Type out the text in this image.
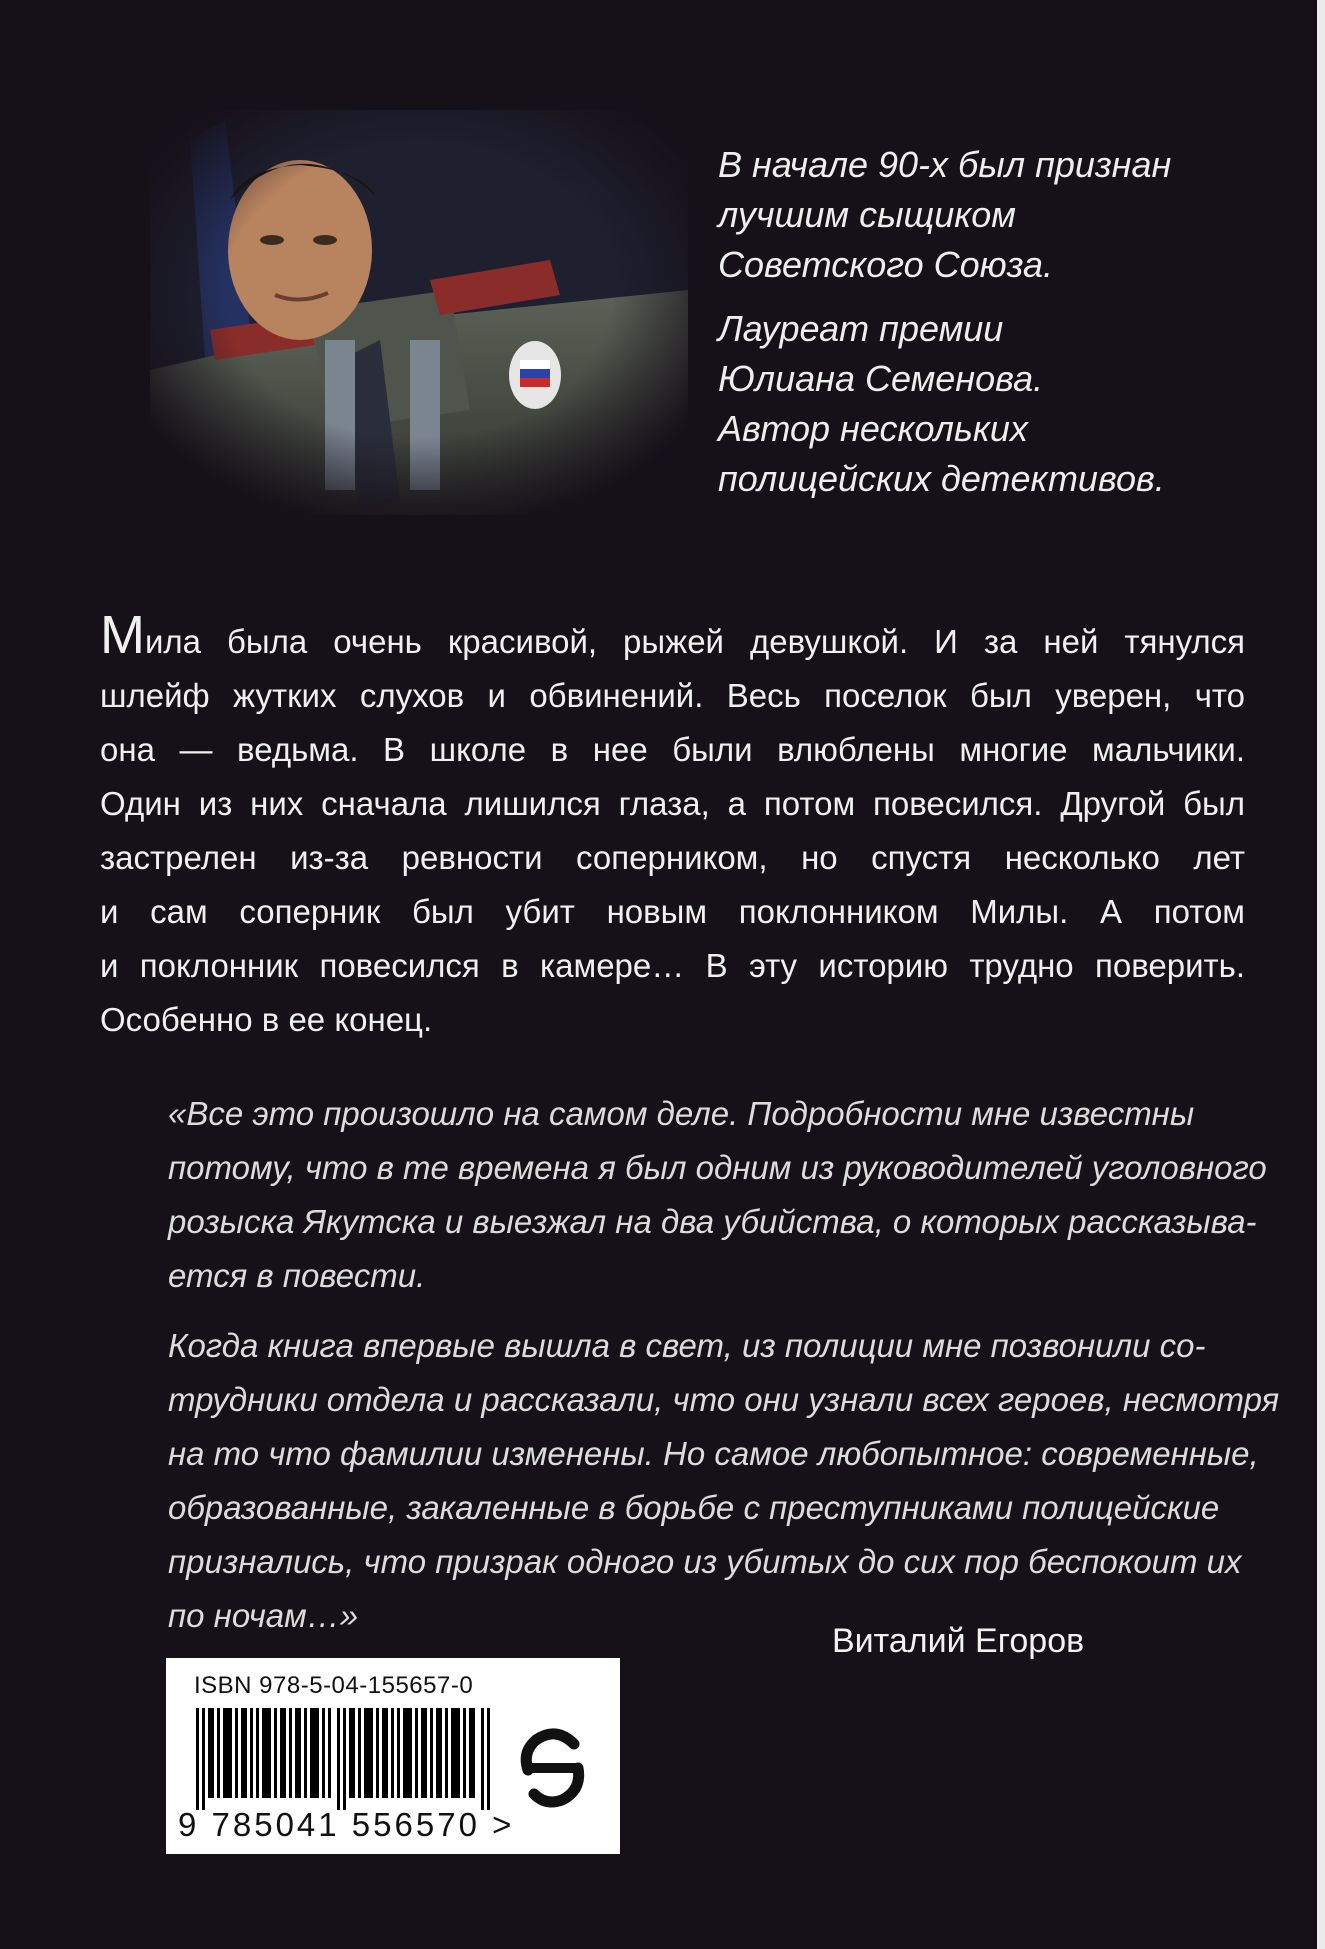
В начале 90-х был признан
лучшим сыщиком
Советского Союза.

Лауреат премии
Юлиана Семенова.
Автор нескольких
полицейских детективов.

Мила была очень красивой, рыжей девушкой. И за ней тянулся
шлейф жутких слухов и обвинений. Весь поселок был уверен, что
она — ведьма. В школе в нее были влюблены многие мальчики.
Один из них сначала лишился глаза, а потом повесился. Другой был
застрелен из-за ревности соперником, но спустя несколько лет
и сам соперник был убит новым поклонником Милы. А потом
и поклонник повесился в камере… В эту историю трудно поверить.
Особенно в ее конец.

«Все это произошло на самом деле. Подробности мне известны
потому, что в те времена я был одним из руководителей уголовного
розыска Якутска и выезжал на два убийства, о которых рассказыва-
ется в повести.

Когда книга впервые вышла в свет, из полиции мне позвонили со-
трудники отдела и рассказали, что они узнали всех героев, несмотря
на то что фамилии изменены. Но самое любопытное: современные,
образованные, закаленные в борьбе с преступниками полицейские
признались, что призрак одного из убитых до сих пор беспокоит их
по ночам…»

Виталий Егоров
ISBN 978-5-04-155657-0
9 785041 556570 >
